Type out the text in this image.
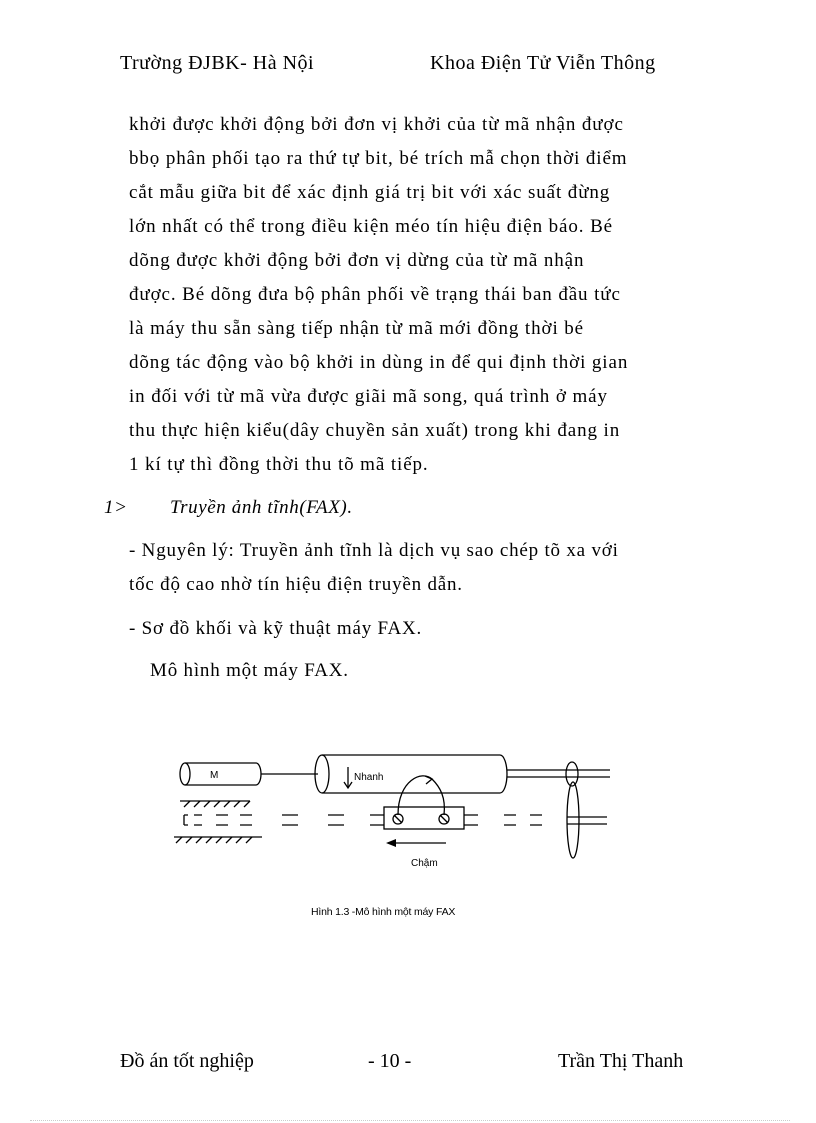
Trường ĐJBK- Hà Nội	Khoa Điện Tử Viễn Thông
khởi được khởi động bởi đơn vị khởi của từ mã nhận được
bbọ phân phối tạo ra thứ tự bit, bé trích mẫ chọn thời điểm
cắt mẫu giữa bit để xác định giá trị bit với xác suất đừng
lớn nhất có thể trong điều kiện méo tín hiệu điện báo. Bé
dõng được khởi động bởi đơn vị dừng của từ mã nhận
được. Bé dõng đưa bộ phân phối về trạng thái ban đầu tức
là máy thu sẵn sàng tiếp nhận từ mã mới đồng thời bé
dõng tác động vào bộ khởi in dùng in để qui định thời gian
in đối với từ mã vừa được giãi mã song, quá trình ở máy
thu thực hiện kiểu(dây chuyền sản xuất) trong khi đang in
1 kí tự thì đồng thời thu tõ mã tiếp.
1> Truyền ảnh tĩnh(FAX).
- Nguyên lý: Truyền ảnh tĩnh là dịch vụ sao chép tõ xa với
tốc độ cao nhờ tín hiệu điện truyền dẫn.
- Sơ đồ khối và kỹ thuật máy FAX.
Mô hình một máy FAX.
M	Nhanh
Chậm
Hình 1.3 -Mô hình một máy FAX
Đồ án tốt nghiệp	- 10 -	Trần Thị Thanh
